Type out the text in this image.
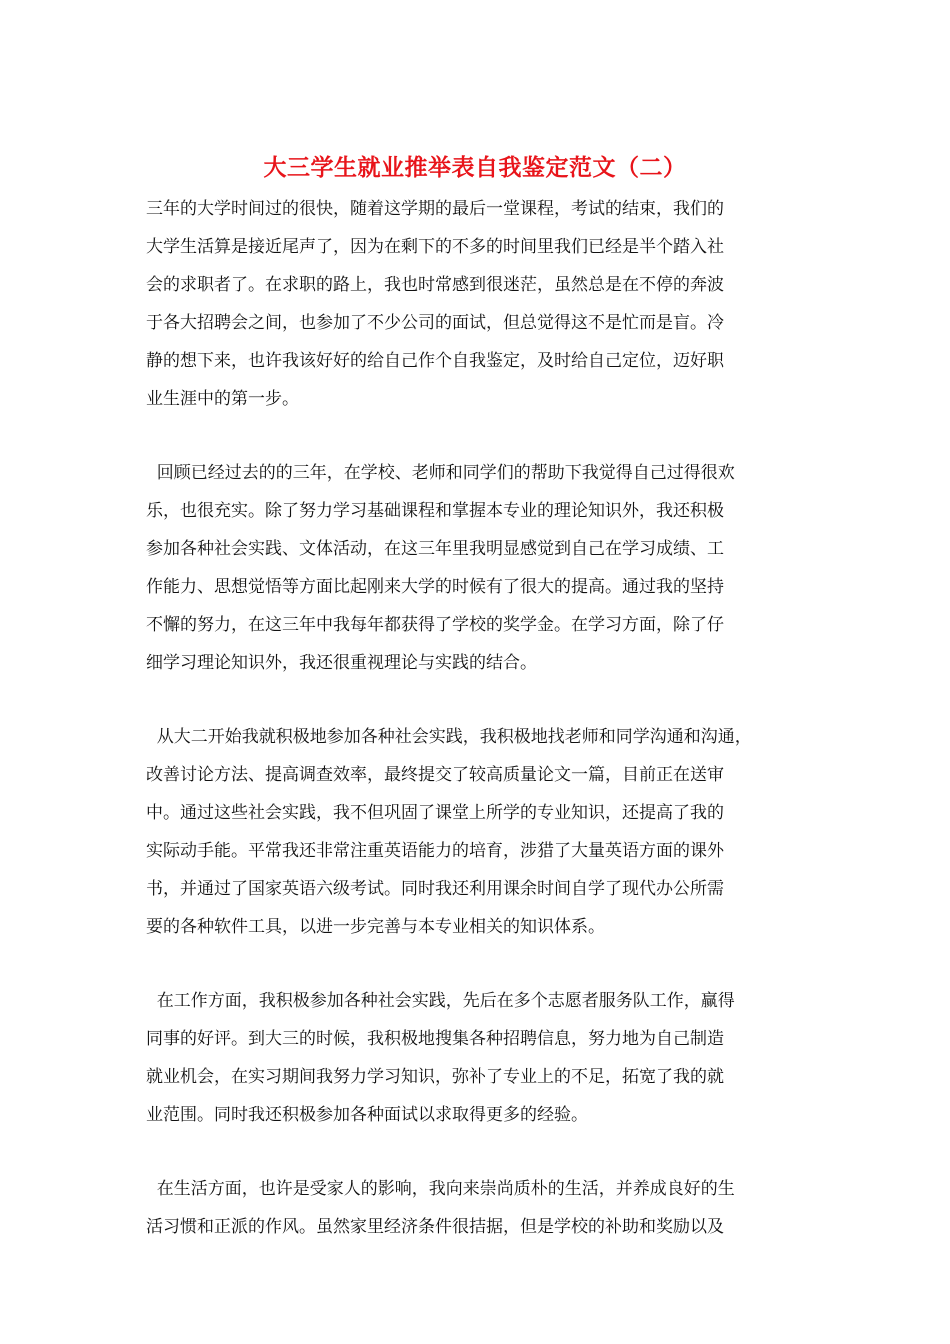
大三学生就业推举表自我鉴定范文（二）
三年的大学时间过的很快，随着这学期的最后一堂课程，考试的结束，我们的
大学生活算是接近尾声了，因为在剩下的不多的时间里我们已经是半个踏入社
会的求职者了。在求职的路上，我也时常感到很迷茫，虽然总是在不停的奔波
于各大招聘会之间，也参加了不少公司的面试，但总觉得这不是忙而是盲。冷
静的想下来，也许我该好好的给自己作个自我鉴定，及时给自己定位，迈好职
业生涯中的第一步。
回顾已经过去的的三年，在学校、老师和同学们的帮助下我觉得自己过得很欢
乐，也很充实。除了努力学习基础课程和掌握本专业的理论知识外，我还积极
参加各种社会实践、文体活动，在这三年里我明显感觉到自己在学习成绩、工
作能力、思想觉悟等方面比起刚来大学的时候有了很大的提高。通过我的坚持
不懈的努力，在这三年中我每年都获得了学校的奖学金。在学习方面，除了仔
细学习理论知识外，我还很重视理论与实践的结合。
从大二开始我就积极地参加各种社会实践，我积极地找老师和同学沟通和沟通，
改善讨论方法、提高调查效率，最终提交了较高质量论文一篇，目前正在送审
中。通过这些社会实践，我不但巩固了课堂上所学的专业知识，还提高了我的
实际动手能。平常我还非常注重英语能力的培育，涉猎了大量英语方面的课外
书，并通过了国家英语六级考试。同时我还利用课余时间自学了现代办公所需
要的各种软件工具，以进一步完善与本专业相关的知识体系。
在工作方面，我积极参加各种社会实践，先后在多个志愿者服务队工作，赢得
同事的好评。到大三的时候，我积极地搜集各种招聘信息，努力地为自己制造
就业机会，在实习期间我努力学习知识，弥补了专业上的不足，拓宽了我的就
业范围。同时我还积极参加各种面试以求取得更多的经验。
在生活方面，也许是受家人的影响，我向来崇尚质朴的生活，并养成良好的生
活习惯和正派的作风。虽然家里经济条件很拮据，但是学校的补助和奖励以及
